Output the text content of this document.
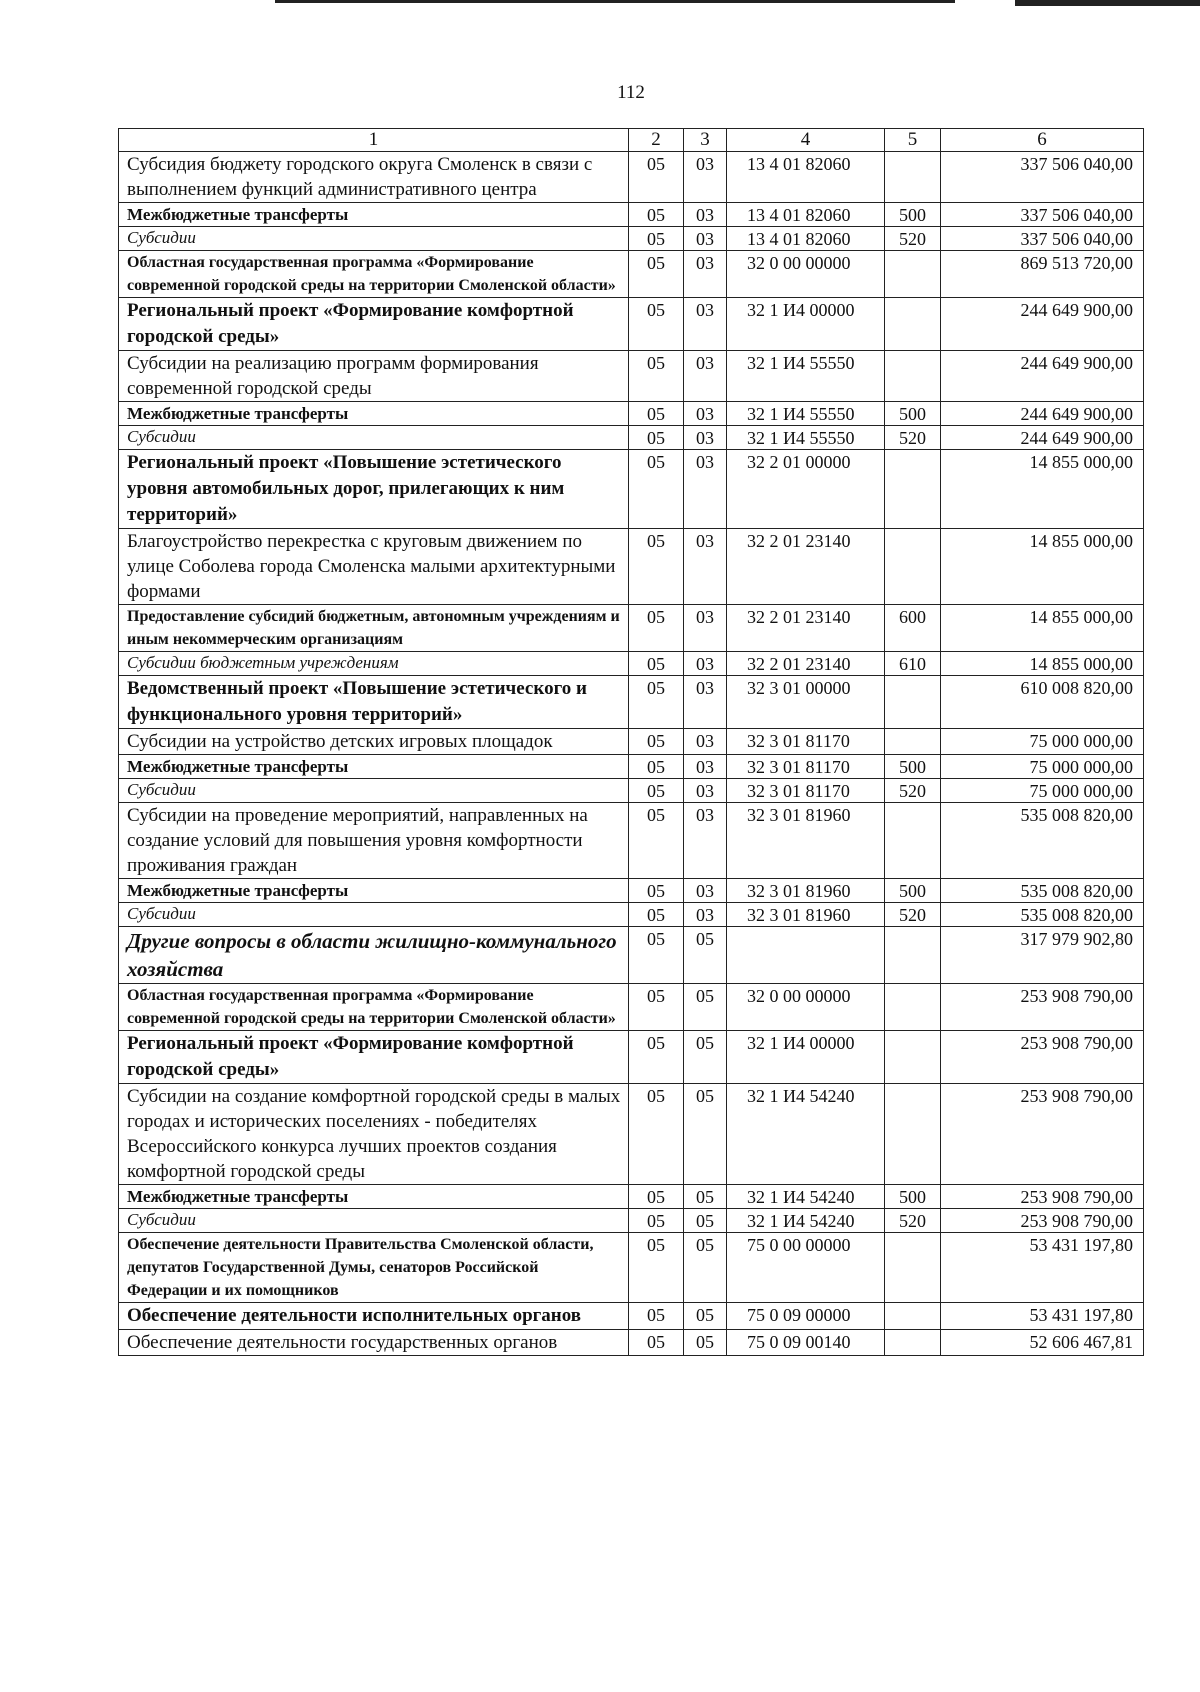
112
1	2	3	4	5	6
Субсидия бюджету городского округа Смоленск в связи с выполнением функций административного центра	05	03	13 4 01 82060		337 506 040,00
Межбюджетные трансферты	05	03	13 4 01 82060	500	337 506 040,00
Субсидии	05	03	13 4 01 82060	520	337 506 040,00
Областная государственная программа «Формирование современной городской среды на территории Смоленской области»	05	03	32 0 00 00000		869 513 720,00
Региональный проект «Формирование комфортной городской среды»	05	03	32 1 И4 00000		244 649 900,00
Субсидии на реализацию программ формирования современной городской среды	05	03	32 1 И4 55550		244 649 900,00
Межбюджетные трансферты	05	03	32 1 И4 55550	500	244 649 900,00
Субсидии	05	03	32 1 И4 55550	520	244 649 900,00
Региональный проект «Повышение эстетического уровня автомобильных дорог, прилегающих к ним территорий»	05	03	32 2 01 00000		14 855 000,00
Благоустройство перекрестка с круговым движением по улице Соболева города Смоленска малыми архитектурными формами	05	03	32 2 01 23140		14 855 000,00
Предоставление субсидий бюджетным, автономным учреждениям и иным некоммерческим организациям	05	03	32 2 01 23140	600	14 855 000,00
Субсидии бюджетным учреждениям	05	03	32 2 01 23140	610	14 855 000,00
Ведомственный проект «Повышение эстетического и функционального уровня территорий»	05	03	32 3 01 00000		610 008 820,00
Субсидии на устройство детских игровых площадок	05	03	32 3 01 81170		75 000 000,00
Межбюджетные трансферты	05	03	32 3 01 81170	500	75 000 000,00
Субсидии	05	03	32 3 01 81170	520	75 000 000,00
Субсидии на проведение мероприятий, направленных на создание условий для повышения уровня комфортности проживания граждан	05	03	32 3 01 81960		535 008 820,00
Межбюджетные трансферты	05	03	32 3 01 81960	500	535 008 820,00
Субсидии	05	03	32 3 01 81960	520	535 008 820,00
Другие вопросы в области жилищно-коммунального хозяйства	05	05			317 979 902,80
Областная государственная программа «Формирование современной городской среды на территории Смоленской области»	05	05	32 0 00 00000		253 908 790,00
Региональный проект «Формирование комфортной городской среды»	05	05	32 1 И4 00000		253 908 790,00
Субсидии на создание комфортной городской среды в малых городах и исторических поселениях - победителях Всероссийского конкурса лучших проектов создания комфортной городской среды	05	05	32 1 И4 54240		253 908 790,00
Межбюджетные трансферты	05	05	32 1 И4 54240	500	253 908 790,00
Субсидии	05	05	32 1 И4 54240	520	253 908 790,00
Обеспечение деятельности Правительства Смоленской области, депутатов Государственной Думы, сенаторов Российской Федерации и их помощников	05	05	75 0 00 00000		53 431 197,80
Обеспечение деятельности исполнительных органов	05	05	75 0 09 00000		53 431 197,80
Обеспечение деятельности государственных органов	05	05	75 0 09 00140		52 606 467,81
